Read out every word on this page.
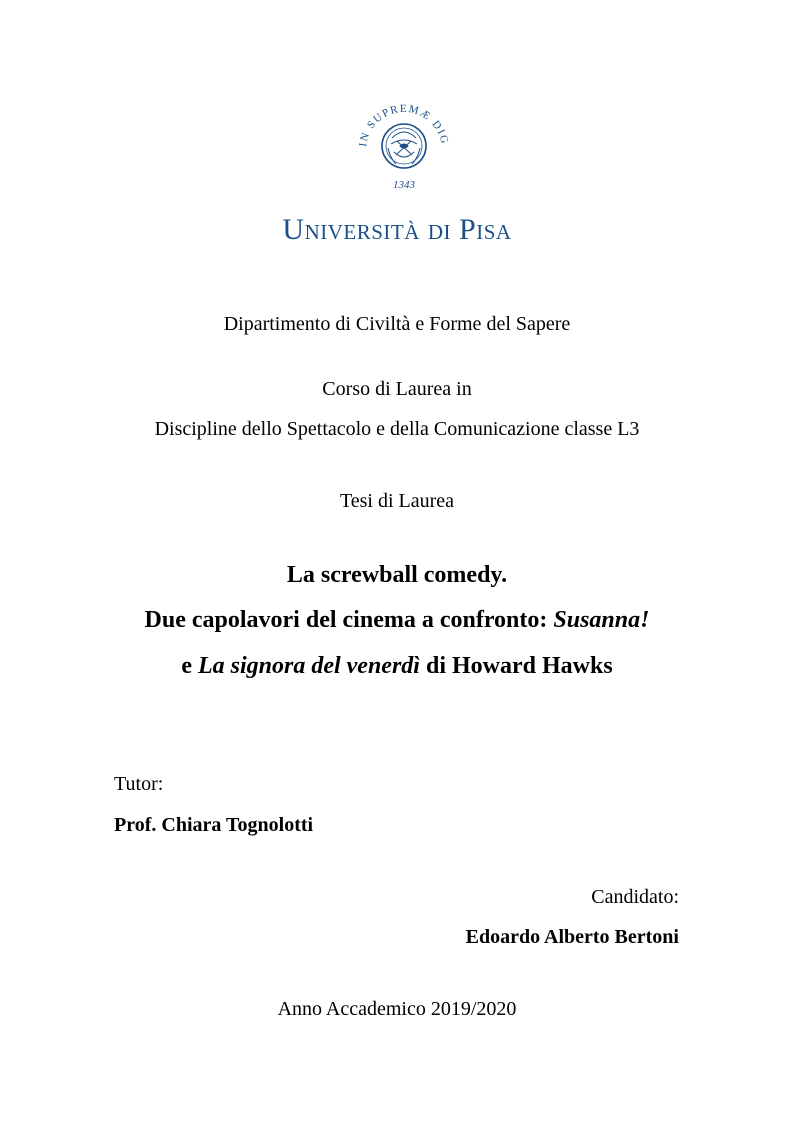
IN SUPREMÆ DIG
1343
Università di Pisa
Dipartimento di Civiltà e Forme del Sapere
Corso di Laurea in
Discipline dello Spettacolo e della Comunicazione classe L3
Tesi di Laurea
La screwball comedy.
Due capolavori del cinema a confronto: Susanna!
e La signora del venerdì di Howard Hawks
Tutor:
Prof. Chiara Tognolotti
Candidato:
Edoardo Alberto Bertoni
Anno Accademico 2019/2020
